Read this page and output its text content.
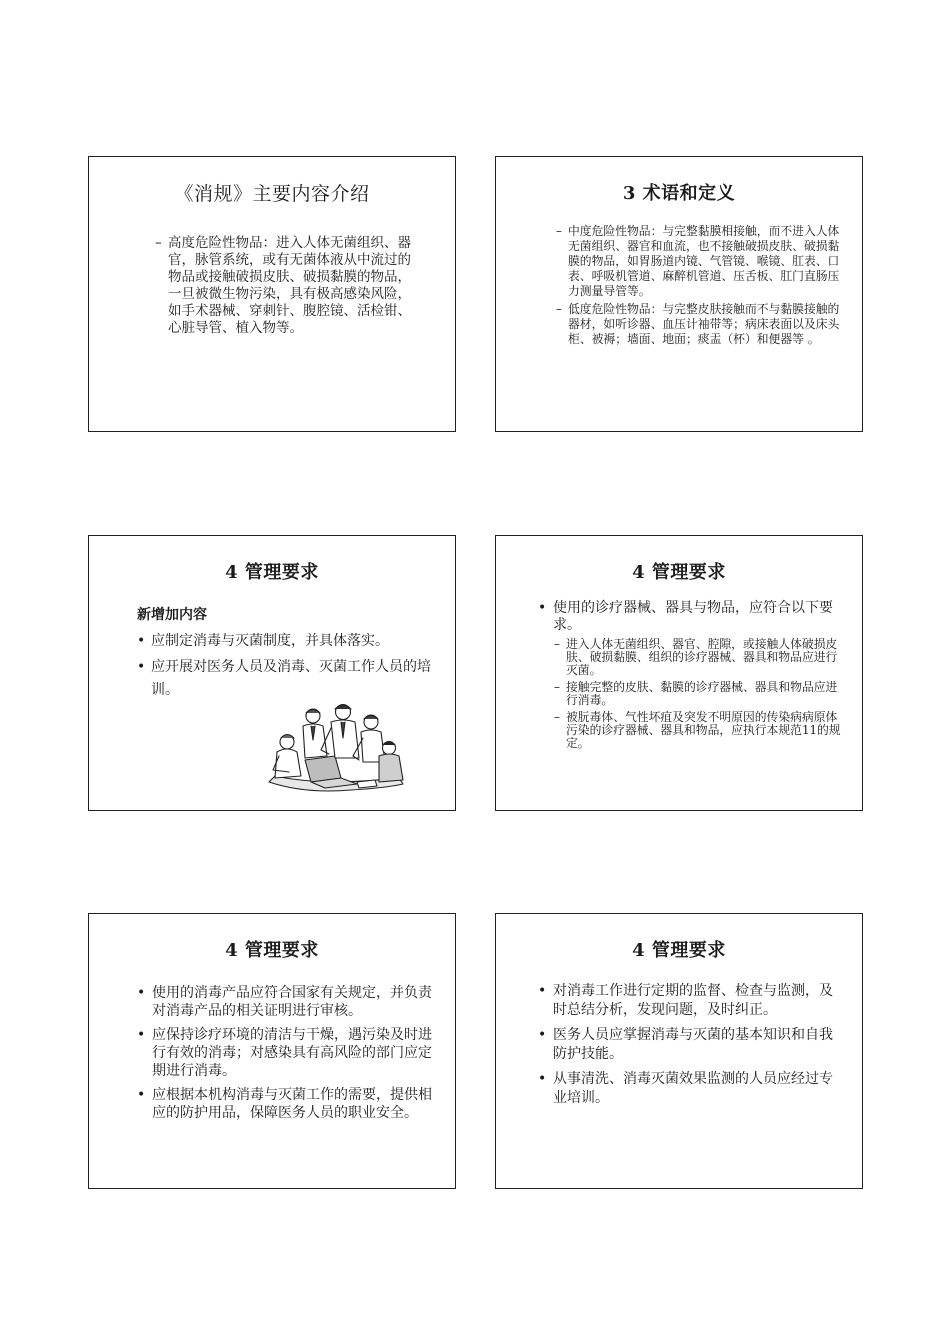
《消规》主要内容介绍

– 高度危险性物品：进入人体无菌组织、器官，脉管系统，或有无菌体液从中流过的物品或接触破损皮肤、破损黏膜的物品，一旦被微生物污染，具有极高感染风险，如手术器械、穿刺针、腹腔镜、活检钳、心脏导管、植入物等。

3 术语和定义

– 中度危险性物品：与完整黏膜相接触，而不进入人体无菌组织、器官和血流，也不接触破损皮肤、破损黏膜的物品，如胃肠道内镜、气管镜、喉镜、肛表、口表、呼吸机管道、麻醉机管道、压舌板、肛门直肠压力测量导管等。

– 低度危险性物品：与完整皮肤接触而不与黏膜接触的器材，如听诊器、血压计袖带等；病床表面以及床头柜、被褥；墙面、地面；痰盂（杯）和便器等 。

4 管理要求
新增加内容

• 应制定消毒与灭菌制度，并具体落实。

• 应开展对医务人员及消毒、灭菌工作人员的培训。

4 管理要求

• 使用的诊疗器械、器具与物品，应符合以下要求。

– 进入人体无菌组织、器官、腔隙，或接触人体破损皮肤、破损黏膜、组织的诊疗器械、器具和物品应进行灭菌。

– 接触完整的皮肤、黏膜的诊疗器械、器具和物品应进行消毒。

– 被朊毒体、气性坏疽及突发不明原因的传染病病原体污染的诊疗器械、器具和物品，应执行本规范11的规定。

4 管理要求

• 使用的消毒产品应符合国家有关规定，并负责对消毒产品的相关证明进行审核。

• 应保持诊疗环境的清洁与干燥，遇污染及时进行有效的消毒；对感染具有高风险的部门应定期进行消毒。

• 应根据本机构消毒与灭菌工作的需要，提供相应的防护用品，保障医务人员的职业安全。

4 管理要求

• 对消毒工作进行定期的监督、检查与监测，及时总结分析，发现问题，及时纠正。

• 医务人员应掌握消毒与灭菌的基本知识和自我防护技能。

• 从事清洗、消毒灭菌效果监测的人员应经过专业培训。
